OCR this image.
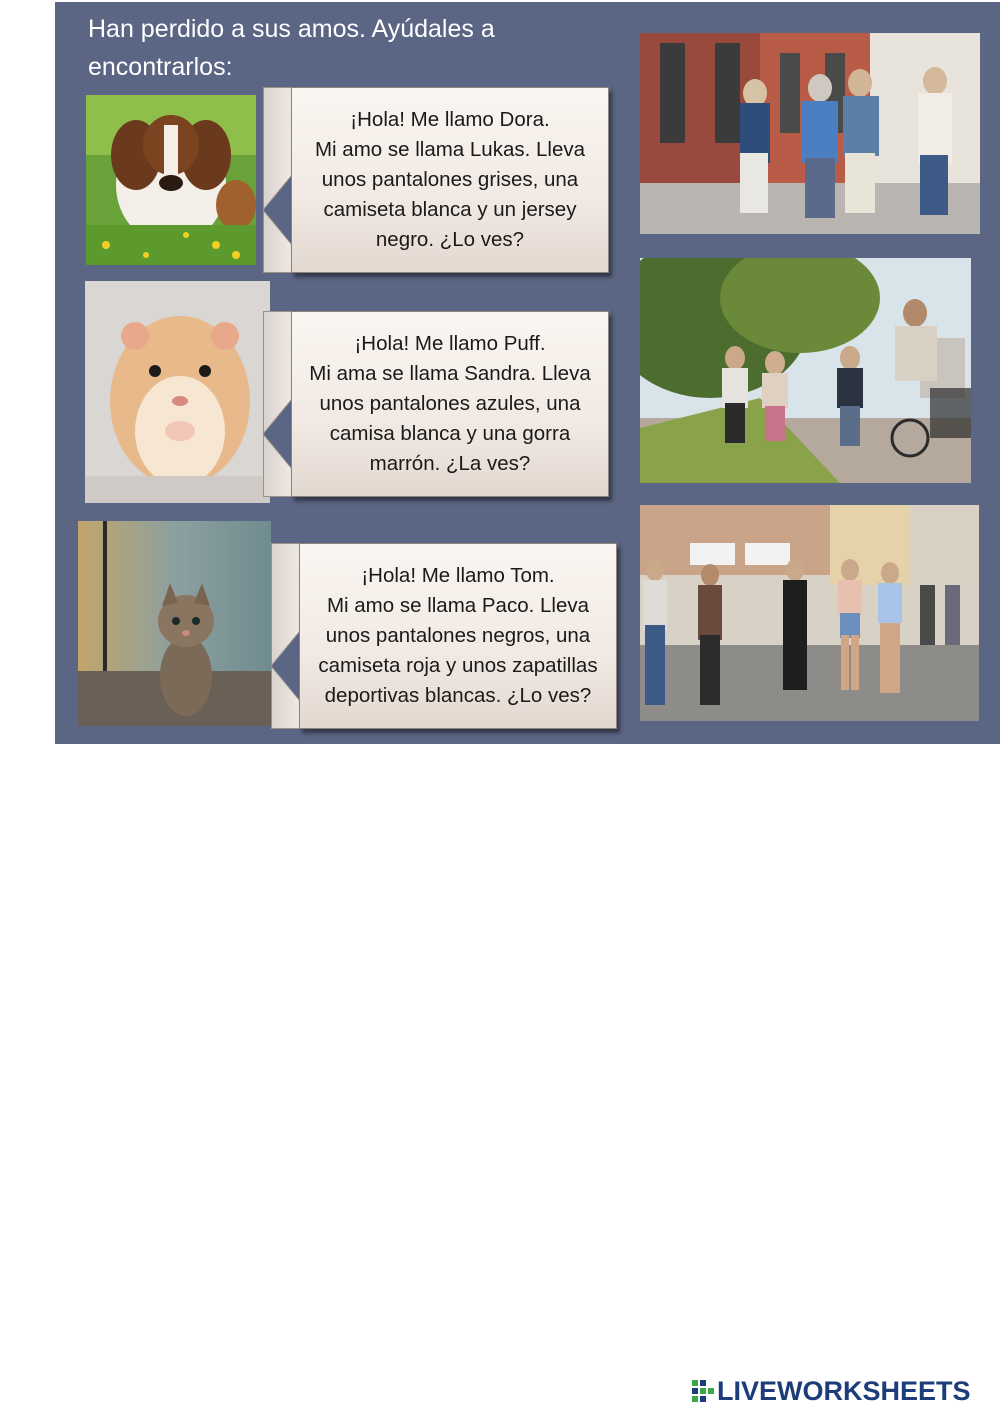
Han perdido a sus amos. Ayúdales a encontrarlos:
¡Hola! Me llamo Dora.
Mi amo se llama Lukas. Lleva
unos pantalones grises, una
camiseta blanca y un jersey
negro. ¿Lo ves?
¡Hola! Me llamo Puff.
Mi ama se llama Sandra. Lleva
unos pantalones azules, una
camisa blanca y una gorra
marrón. ¿La ves?
¡Hola! Me llamo Tom.
Mi amo se llama Paco. Lleva
unos pantalones negros, una
camiseta roja y unos zapatillas
deportivas blancas. ¿Lo ves?
LIVEWORKSHEETS
